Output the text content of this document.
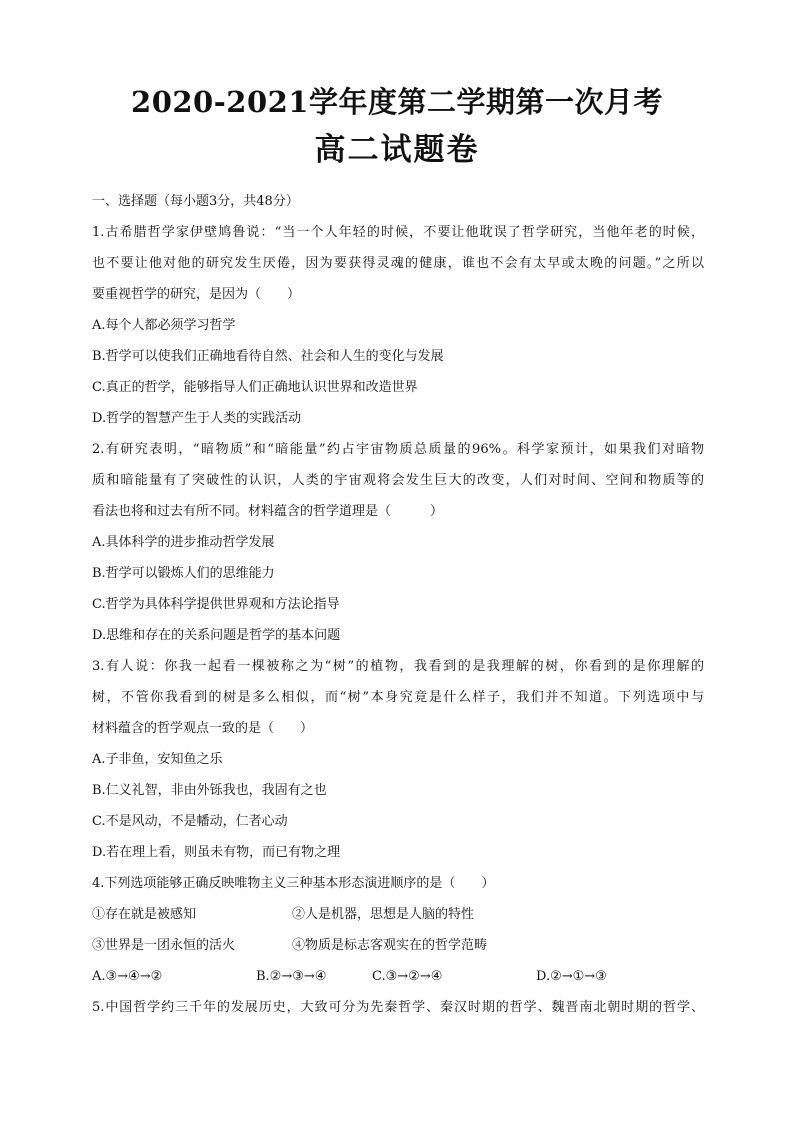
2020-2021学年度第二学期第一次月考
高二试题卷
一、选择题（每小题3分，共48分）
1.古希腊哲学家伊壁鸠鲁说：“当一个人年轻的时候，不要让他耽误了哲学研究，当他年老的时候，
也不要让他对他的研究发生厌倦，因为要获得灵魂的健康，谁也不会有太早或太晚的问题。”之所以
要重视哲学的研究，是因为（　　）
A.每个人都必须学习哲学
B.哲学可以使我们正确地看待自然、社会和人生的变化与发展
C.真正的哲学，能够指导人们正确地认识世界和改造世界
D.哲学的智慧产生于人类的实践活动
2.有研究表明，“暗物质”和“暗能量”约占宇宙物质总质量的96%。科学家预计，如果我们对暗物
质和暗能量有了突破性的认识，人类的宇宙观将会发生巨大的改变，人们对时间、空间和物质等的
看法也将和过去有所不同。材料蕴含的哲学道理是（　　　）
A.具体科学的进步推动哲学发展
B.哲学可以锻炼人们的思维能力
C.哲学为具体科学提供世界观和方法论指导
D.思维和存在的关系问题是哲学的基本问题
3.有人说：你我一起看一棵被称之为“树”的植物，我看到的是我理解的树，你看到的是你理解的
树，不管你我看到的树是多么相似，而“树”本身究竟是什么样子，我们并不知道。下列选项中与
材料蕴含的哲学观点一致的是（　　）
A.子非鱼，安知鱼之乐
B.仁义礼智，非由外铄我也，我固有之也
C.不是风动，不是幡动，仁者心动
D.若在理上看，则虽未有物，而已有物之理
4.下列选项能够正确反映唯物主义三种基本形态演进顺序的是（　　）
①存在就是被感知	②人是机器，思想是人脑的特性
③世界是一团永恒的活火	④物质是标志客观实在的哲学范畴
A.③→④→②	B.②→③→④	C.③→②→④	D.②→①→③
5.中国哲学约三千年的发展历史，大致可分为先秦哲学、秦汉时期的哲学、魏晋南北朝时期的哲学、
